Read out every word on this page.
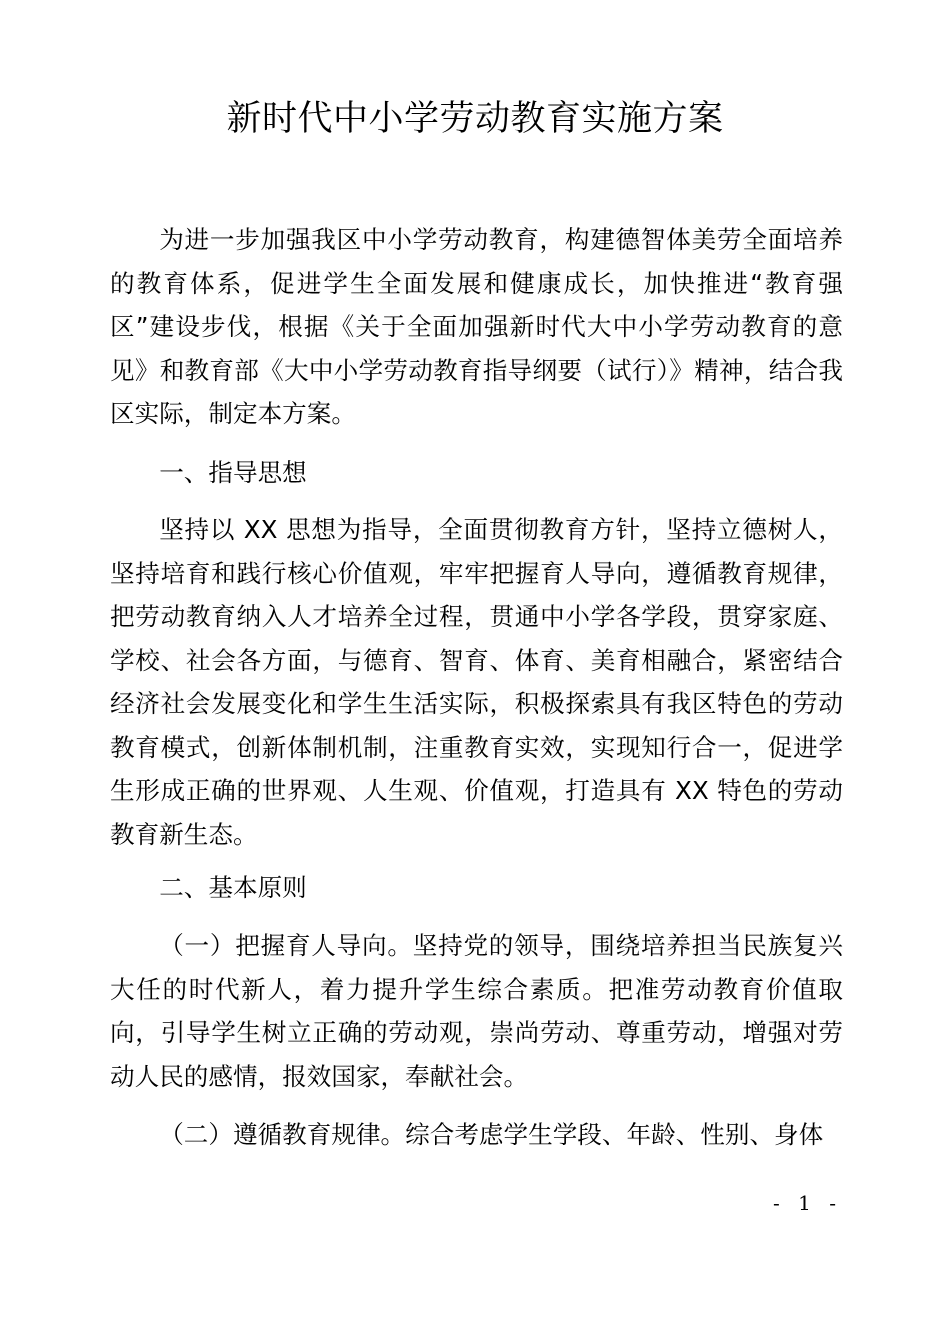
新时代中小学劳动教育实施方案

为进一步加强我区中小学劳动教育，构建德智体美劳全面培养的教育体系，促进学生全面发展和健康成长，加快推进“教育强区”建设步伐，根据《关于全面加强新时代大中小学劳动教育的意见》和教育部《大中小学劳动教育指导纲要（试行）》精神，结合我区实际，制定本方案。

一、指导思想

坚持以 XX 思想为指导，全面贯彻教育方针，坚持立德树人，坚持培育和践行核心价值观，牢牢把握育人导向，遵循教育规律，把劳动教育纳入人才培养全过程，贯通中小学各学段，贯穿家庭、学校、社会各方面，与德育、智育、体育、美育相融合，紧密结合经济社会发展变化和学生生活实际，积极探索具有我区特色的劳动教育模式，创新体制机制，注重教育实效，实现知行合一，促进学生形成正确的世界观、人生观、价值观，打造具有 XX 特色的劳动教育新生态。

二、基本原则

（一）把握育人导向。坚持党的领导，围绕培养担当民族复兴大任的时代新人，着力提升学生综合素质。把准劳动教育价值取向，引导学生树立正确的劳动观，崇尚劳动、尊重劳动，增强对劳动人民的感情，报效国家，奉献社会。

（二）遵循教育规律。综合考虑学生学段、年龄、性别、身体

- 1 -
